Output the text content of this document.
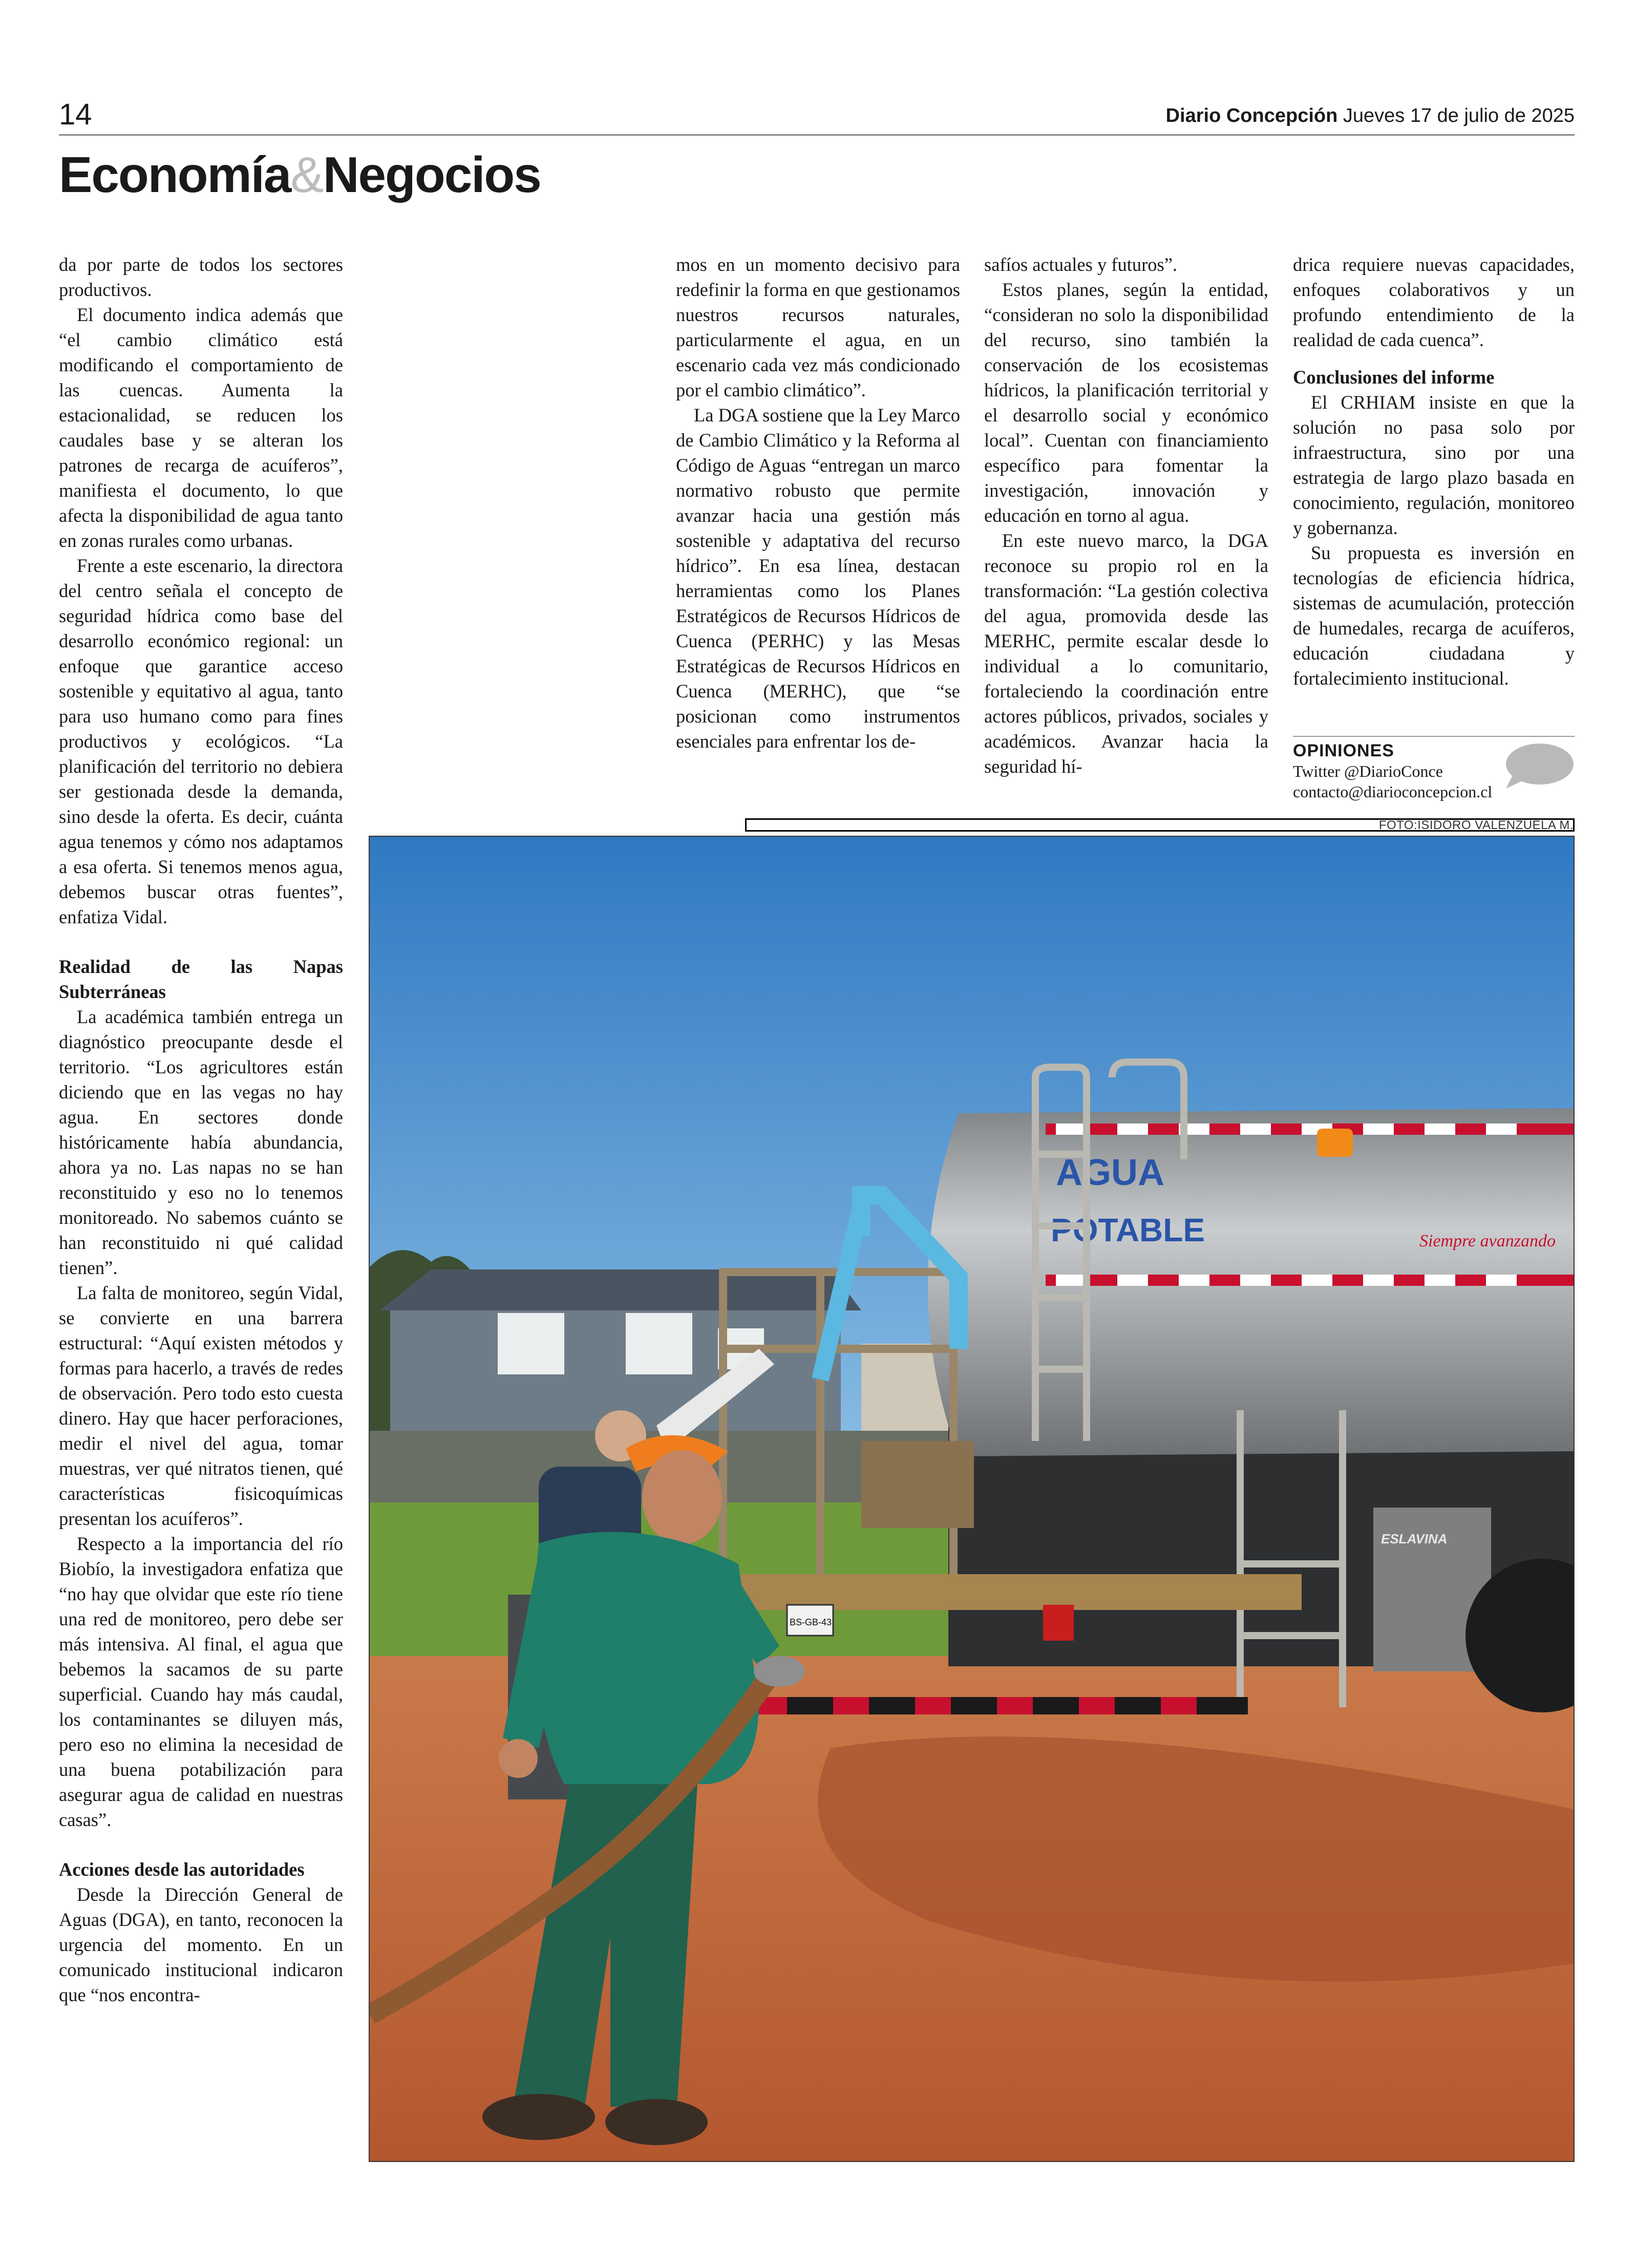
14	Diario Concepción Jueves 17 de julio de 2025
Economía&Negocios

da por parte de todos los sectores productivos.

El documento indica además que “el cambio climático está modificando el comportamiento de las cuencas. Aumenta la estacionalidad, se reducen los caudales base y se alteran los patrones de recarga de acuíferos”, manifiesta el documento, lo que afecta la disponibilidad de agua tanto en zonas rurales como urbanas.

Frente a este escenario, la directora del centro señala el concepto de seguridad hídrica como base del desarrollo económico regional: un enfoque que garantice acceso sostenible y equitativo al agua, tanto para uso humano como para fines productivos y ecológicos. “La planificación del territorio no debiera ser gestionada desde la demanda, sino desde la oferta. Es decir, cuánta agua tenemos y cómo nos adaptamos a esa oferta. Si tenemos menos agua, debemos buscar otras fuentes”, enfatiza Vidal.

Realidad de las Napas Subterráneas

La académica también entrega un diagnóstico preocupante desde el territorio. “Los agricultores están diciendo que en las vegas no hay agua. En sectores donde históricamente había abundancia, ahora ya no. Las napas no se han reconstituido y eso no lo tenemos monitoreado. No sabemos cuánto se han reconstituido ni qué calidad tienen”.

La falta de monitoreo, según Vidal, se convierte en una barrera estructural: “Aquí existen métodos y formas para hacerlo, a través de redes de observación. Pero todo esto cuesta dinero. Hay que hacer perforaciones, medir el nivel del agua, tomar muestras, ver qué nitratos tienen, qué características fisicoquímicas presentan los acuíferos”.

Respecto a la importancia del río Biobío, la investigadora enfatiza que “no hay que olvidar que este río tiene una red de monitoreo, pero debe ser más intensiva. Al final, el agua que bebemos la sacamos de su parte superficial. Cuando hay más caudal, los contaminantes se diluyen más, pero eso no elimina la necesidad de una buena potabilización para asegurar agua de calidad en nuestras casas”.

Acciones desde las autoridades

Desde la Dirección General de Aguas (DGA), en tanto, reconocen la urgencia del momento. En un comunicado institucional indicaron que “nos encontra-

mos en un momento decisivo para redefinir la forma en que gestionamos nuestros recursos naturales, particularmente el agua, en un escenario cada vez más condicionado por el cambio climático”.

La DGA sostiene que la Ley Marco de Cambio Climático y la Reforma al Código de Aguas “entregan un marco normativo robusto que permite avanzar hacia una gestión más sostenible y adaptativa del recurso hídrico”. En esa línea, destacan herramientas como los Planes Estratégicos de Recursos Hídricos de Cuenca (PERHC) y las Mesas Estratégicas de Recursos Hídricos en Cuenca (MERHC), que “se posicionan como instrumentos esenciales para enfrentar los de-

safíos actuales y futuros”.

Estos planes, según la entidad, “consideran no solo la disponibilidad del recurso, sino también la conservación de los ecosistemas hídricos, la planificación territorial y el desarrollo social y económico local”. Cuentan con financiamiento específico para fomentar la investigación, innovación y educación en torno al agua.

En este nuevo marco, la DGA reconoce su propio rol en la transformación: “La gestión colectiva del agua, promovida desde las MERHC, permite escalar desde lo individual a lo comunitario, fortaleciendo la coordinación entre actores públicos, privados, sociales y académicos. Avanzar hacia la seguridad hí-

drica requiere nuevas capacidades, enfoques colaborativos y un profundo entendimiento de la realidad de cada cuenca”.

Conclusiones del informe

El CRHIAM insiste en que la solución no pasa solo por infraestructura, sino por una estrategia de largo plazo basada en conocimiento, regulación, monitoreo y gobernanza.

Su propuesta es inversión en tecnologías de eficiencia hídrica, sistemas de acumulación, protección de humedales, recarga de acuíferos, educación ciudadana y fortalecimiento institucional.

OPINIONES
Twitter @DiarioConce
contacto@diarioconcepcion.cl
FOTO:ISIDORO VALENZUELA M.
AGUA
POTABLE	Siempre avanzando
BS-GB-43
ESLAVINA
